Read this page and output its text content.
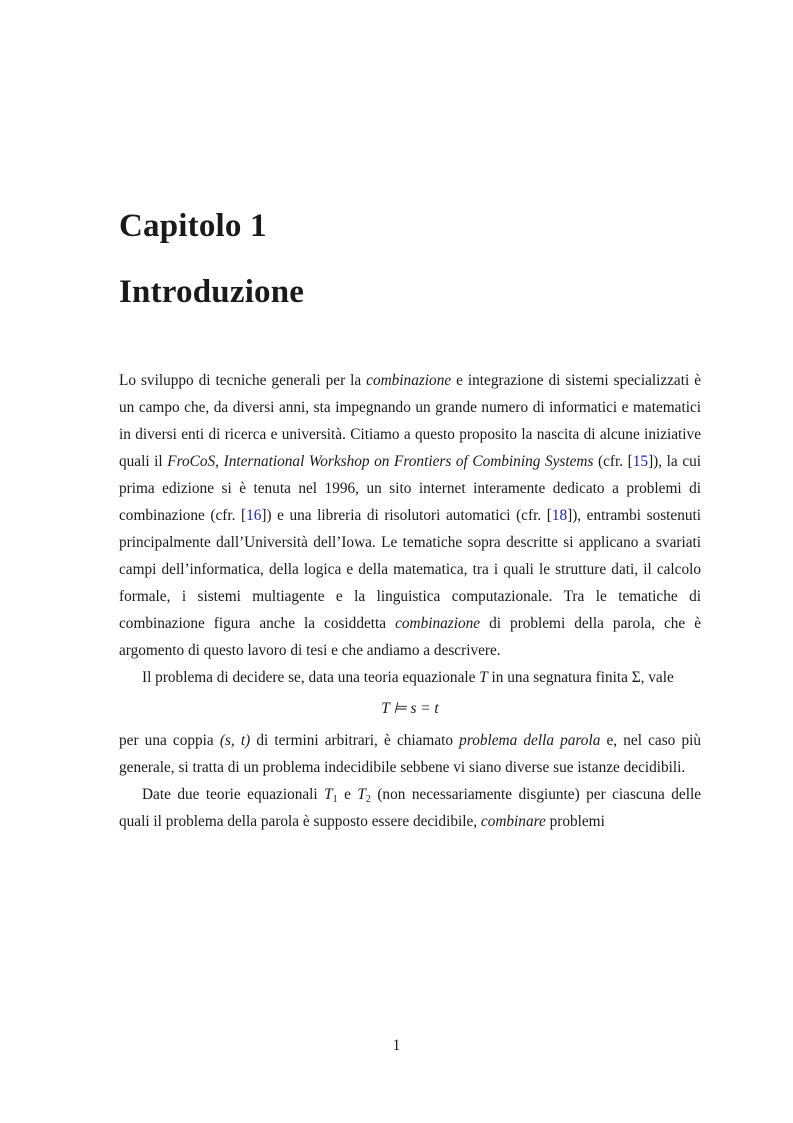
Capitolo 1
Introduzione

Lo sviluppo di tecniche generali per la combinazione e integrazione di sistemi specializzati è un campo che, da diversi anni, sta impegnando un grande numero di informatici e matematici in diversi enti di ricerca e università. Citiamo a questo proposito la nascita di alcune iniziative quali il FroCoS, International Workshop on Frontiers of Combining Systems (cfr. [15]), la cui prima edizione si è tenuta nel 1996, un sito internet interamente dedicato a problemi di combinazione (cfr. [16]) e una libreria di risolutori automatici (cfr. [18]), entrambi sostenuti principalmente dall’Università dell’Iowa. Le tematiche sopra descritte si applicano a svariati campi dell’informatica, della logica e della matematica, tra i quali le strutture dati, il calcolo formale, i sistemi multiagente e la linguistica computazionale. Tra le tematiche di combinazione figura anche la cosiddetta combinazione di problemi della parola, che è argomento di questo lavoro di tesi e che andiamo a descrivere.

Il problema di decidere se, data una teoria equazionale T in una segnatura finita Σ, vale

T ⊨ s = t

per una coppia (s, t) di termini arbitrari, è chiamato problema della parola e, nel caso più generale, si tratta di un problema indecidibile sebbene vi siano diverse sue istanze decidibili.

Date due teorie equazionali $T_1$ e $T_2$ (non necessariamente disgiunte) per ciascuna delle quali il problema della parola è supposto essere decidibile, combinare problemi

1
